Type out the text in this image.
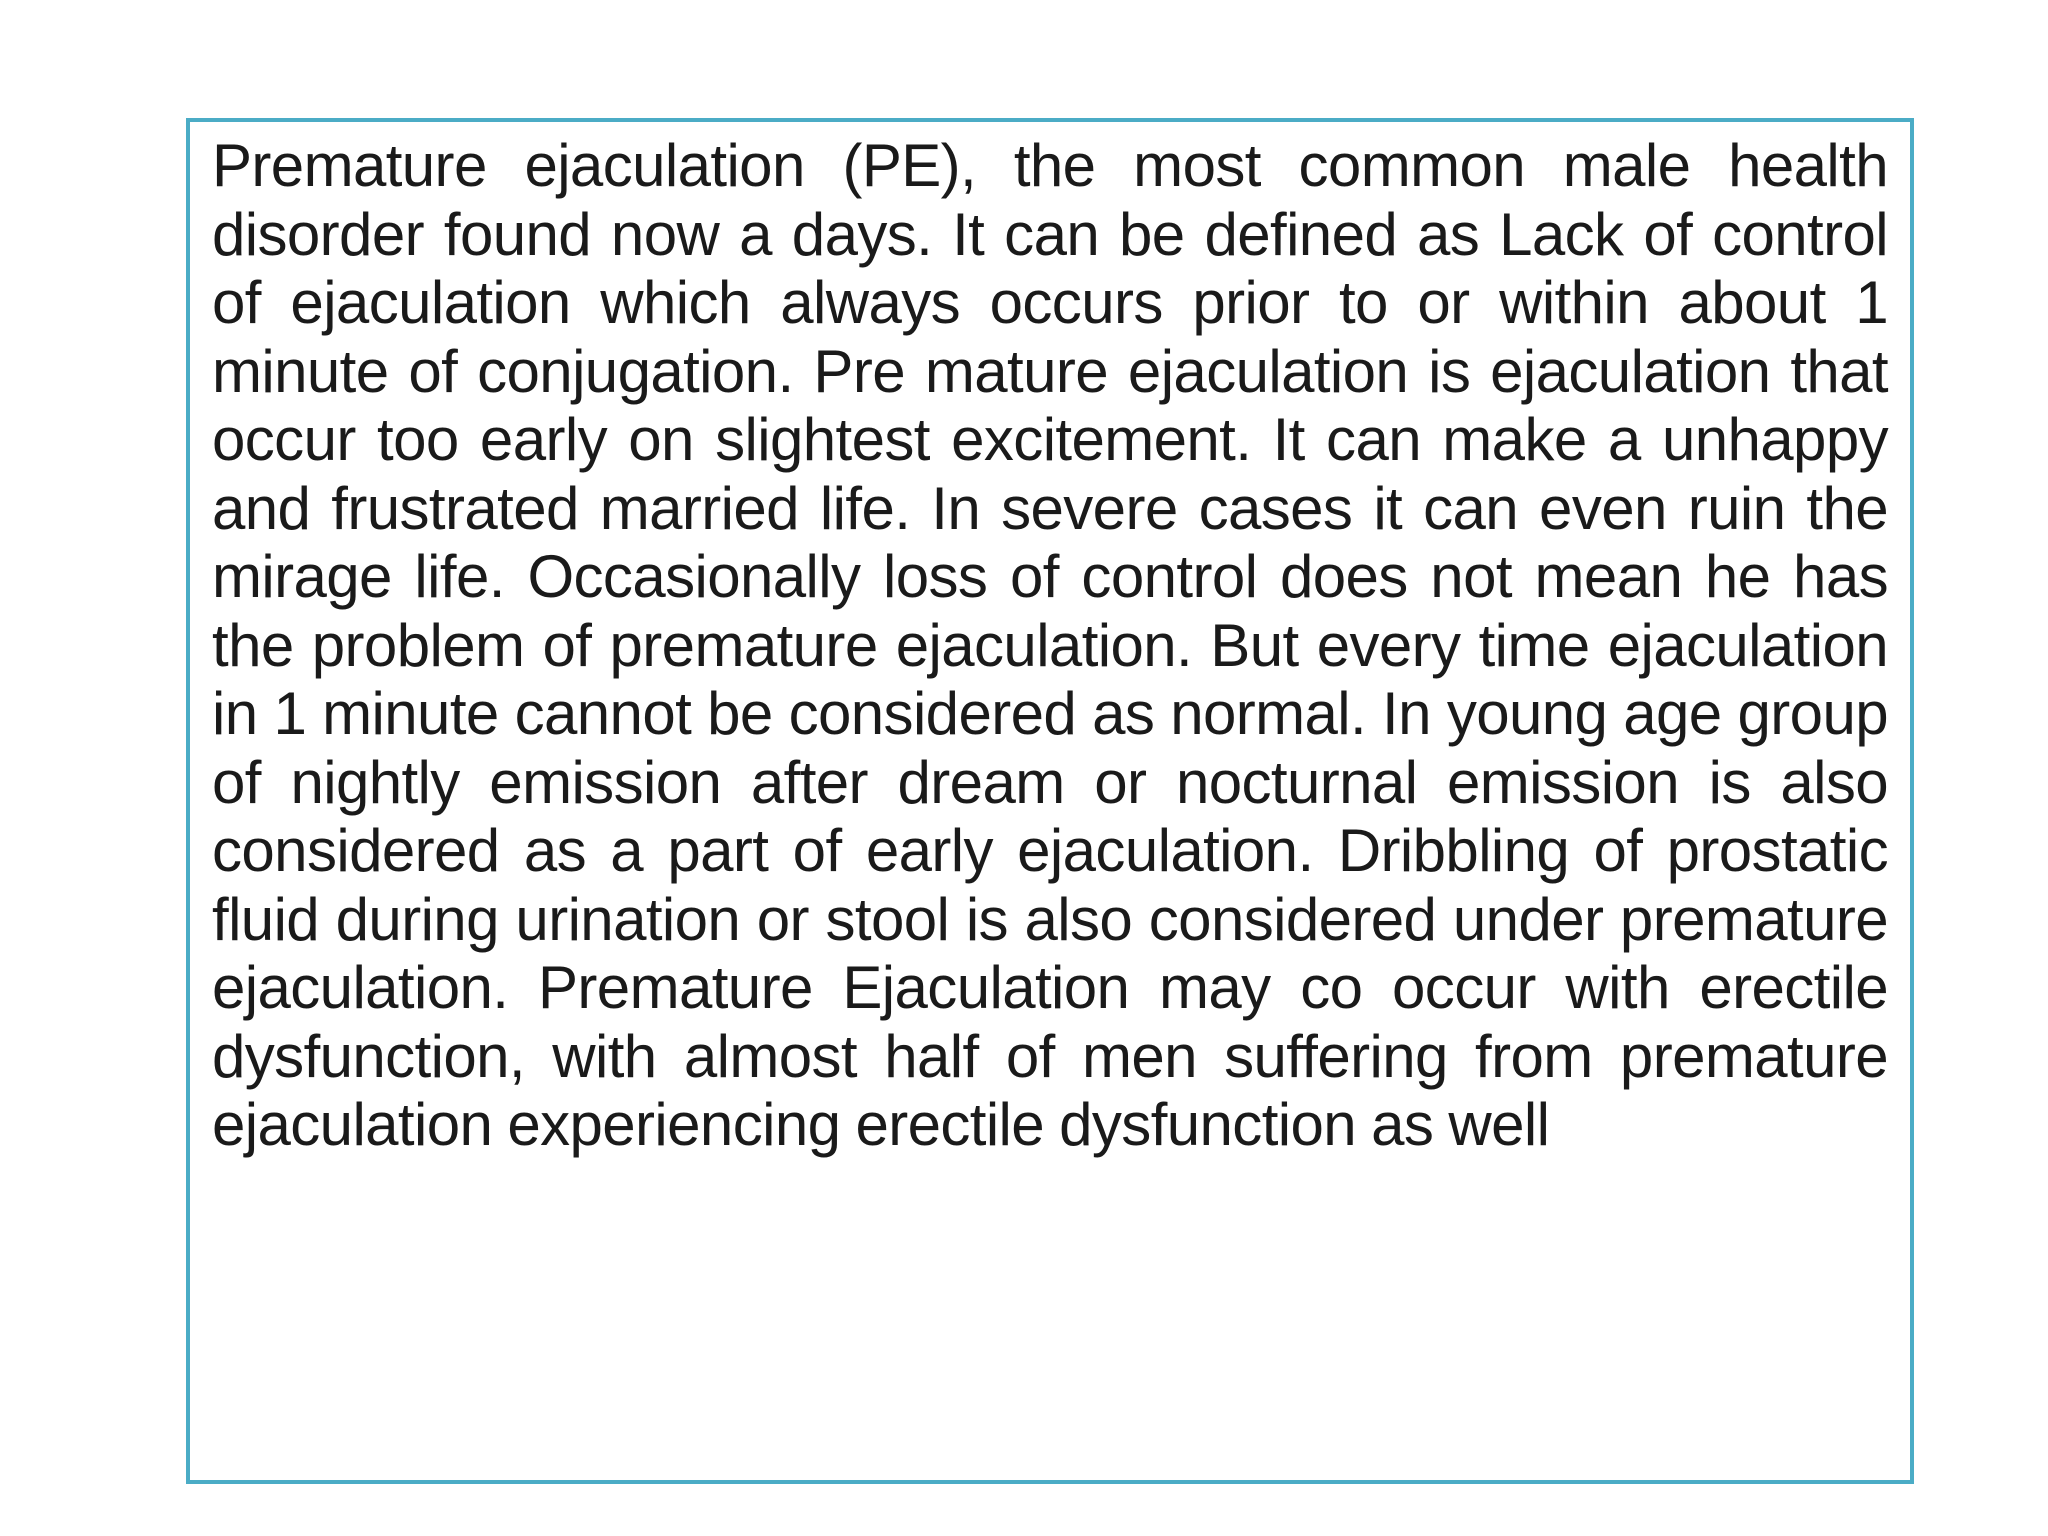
Premature ejaculation (PE), the most common male health disorder found now a days. It can be defined as Lack of control of ejaculation which always occurs prior to or within about 1 minute of conjugation. Pre mature ejaculation is ejaculation that occur too early on slightest excitement. It can make a unhappy and frustrated married life. In severe cases it can even ruin the mirage life. Occasionally loss of control does not mean he has the problem of premature ejaculation. But every time ejaculation in 1 minute cannot be considered as normal. In young age group of nightly emission after dream or nocturnal emission is also considered as a part of early ejaculation. Dribbling of prostatic fluid during urination or stool is also considered under premature ejaculation. Premature Ejaculation may co occur with erectile dysfunction, with almost half of men suffering from premature ejaculation experiencing erectile dysfunction as well
